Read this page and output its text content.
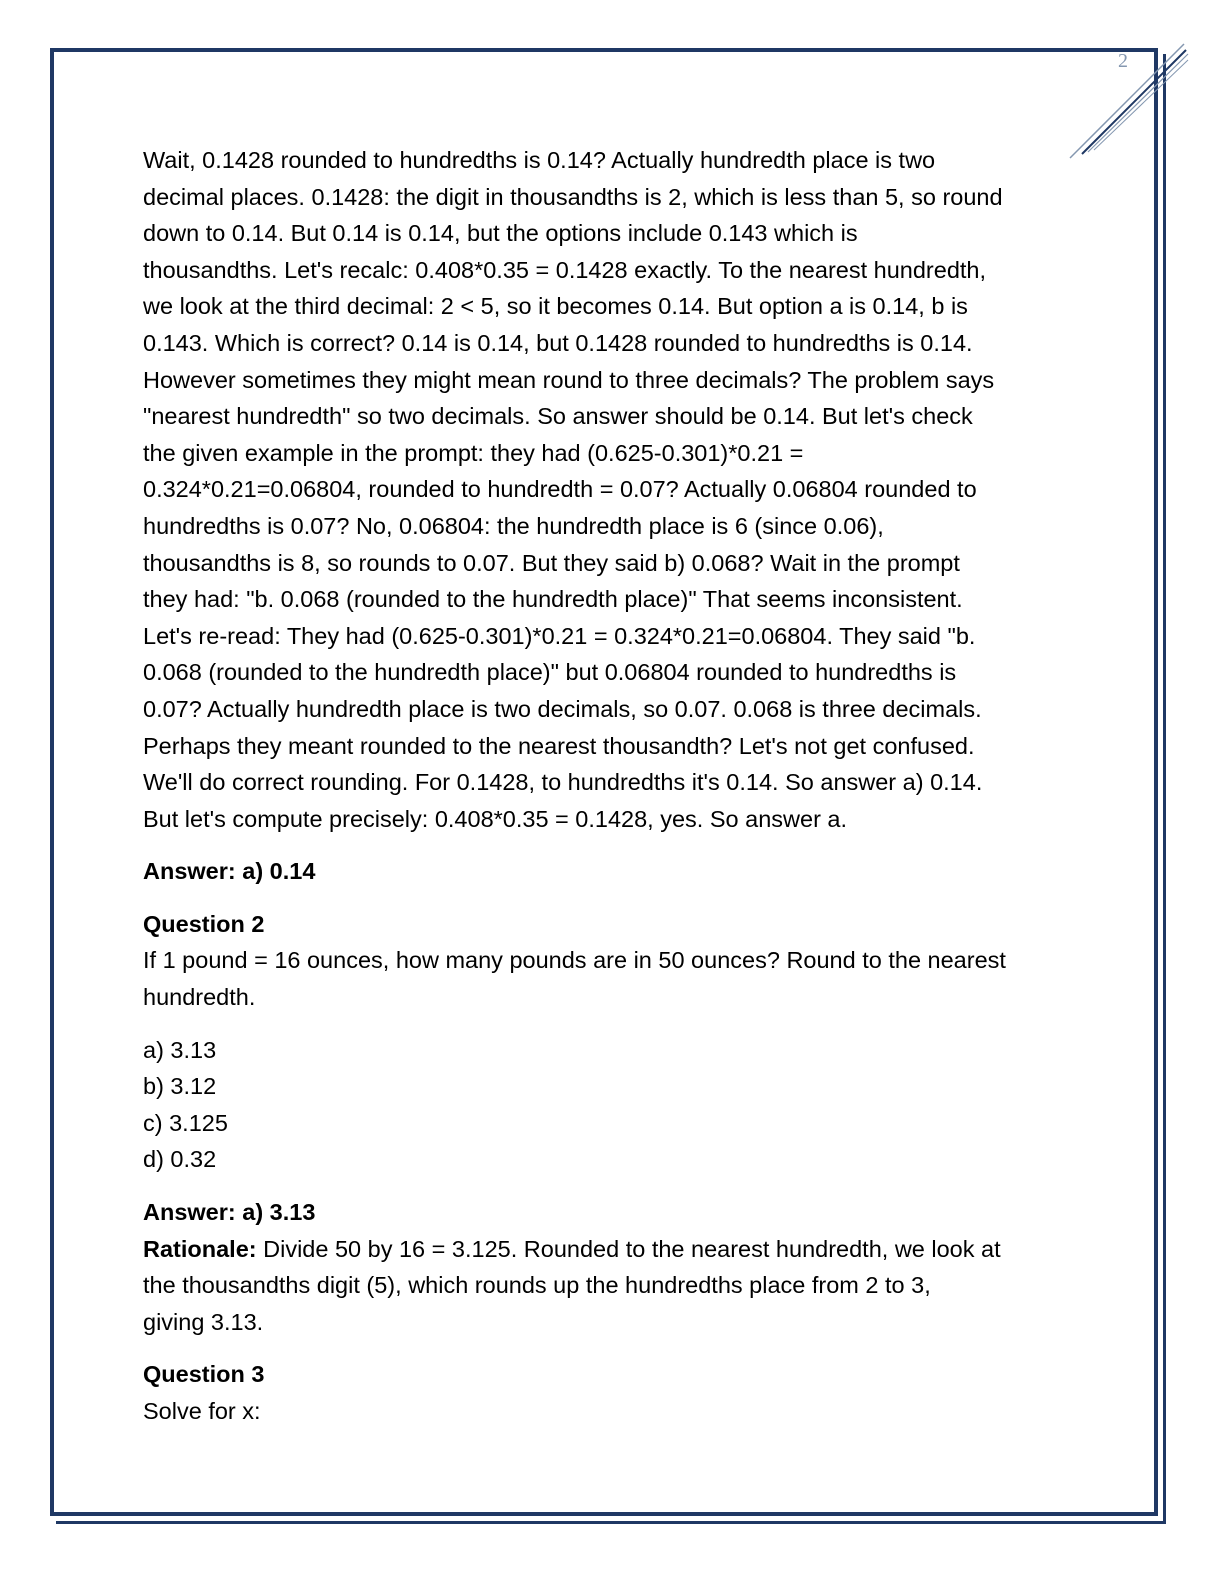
2

Wait, 0.1428 rounded to hundredths is 0.14? Actually hundredth place is two
decimal places. 0.1428: the digit in thousandths is 2, which is less than 5, so round
down to 0.14. But 0.14 is 0.14, but the options include 0.143 which is
thousandths. Let's recalc: 0.408*0.35 = 0.1428 exactly. To the nearest hundredth,
we look at the third decimal: 2 < 5, so it becomes 0.14. But option a is 0.14, b is
0.143. Which is correct? 0.14 is 0.14, but 0.1428 rounded to hundredths is 0.14.
However sometimes they might mean round to three decimals? The problem says
"nearest hundredth" so two decimals. So answer should be 0.14. But let's check
the given example in the prompt: they had (0.625-0.301)*0.21 =
0.324*0.21=0.06804, rounded to hundredth = 0.07? Actually 0.06804 rounded to
hundredths is 0.07? No, 0.06804: the hundredth place is 6 (since 0.06),
thousandths is 8, so rounds to 0.07. But they said b) 0.068? Wait in the prompt
they had: "b. 0.068 (rounded to the hundredth place)" That seems inconsistent.
Let's re-read: They had (0.625-0.301)*0.21 = 0.324*0.21=0.06804. They said "b.
0.068 (rounded to the hundredth place)" but 0.06804 rounded to hundredths is
0.07? Actually hundredth place is two decimals, so 0.07. 0.068 is three decimals.
Perhaps they meant rounded to the nearest thousandth? Let's not get confused.
We'll do correct rounding. For 0.1428, to hundredths it's 0.14. So answer a) 0.14.
But let's compute precisely: 0.408*0.35 = 0.1428, yes. So answer a.

Answer: a) 0.14

Question 2

If 1 pound = 16 ounces, how many pounds are in 50 ounces? Round to the nearest
hundredth.

a) 3.13
b) 3.12
c) 3.125
d) 0.32

Answer: a) 3.13

Rationale: Divide 50 by 16 = 3.125. Rounded to the nearest hundredth, we look at
the thousandths digit (5), which rounds up the hundredths place from 2 to 3,
giving 3.13.

Question 3

Solve for x:
